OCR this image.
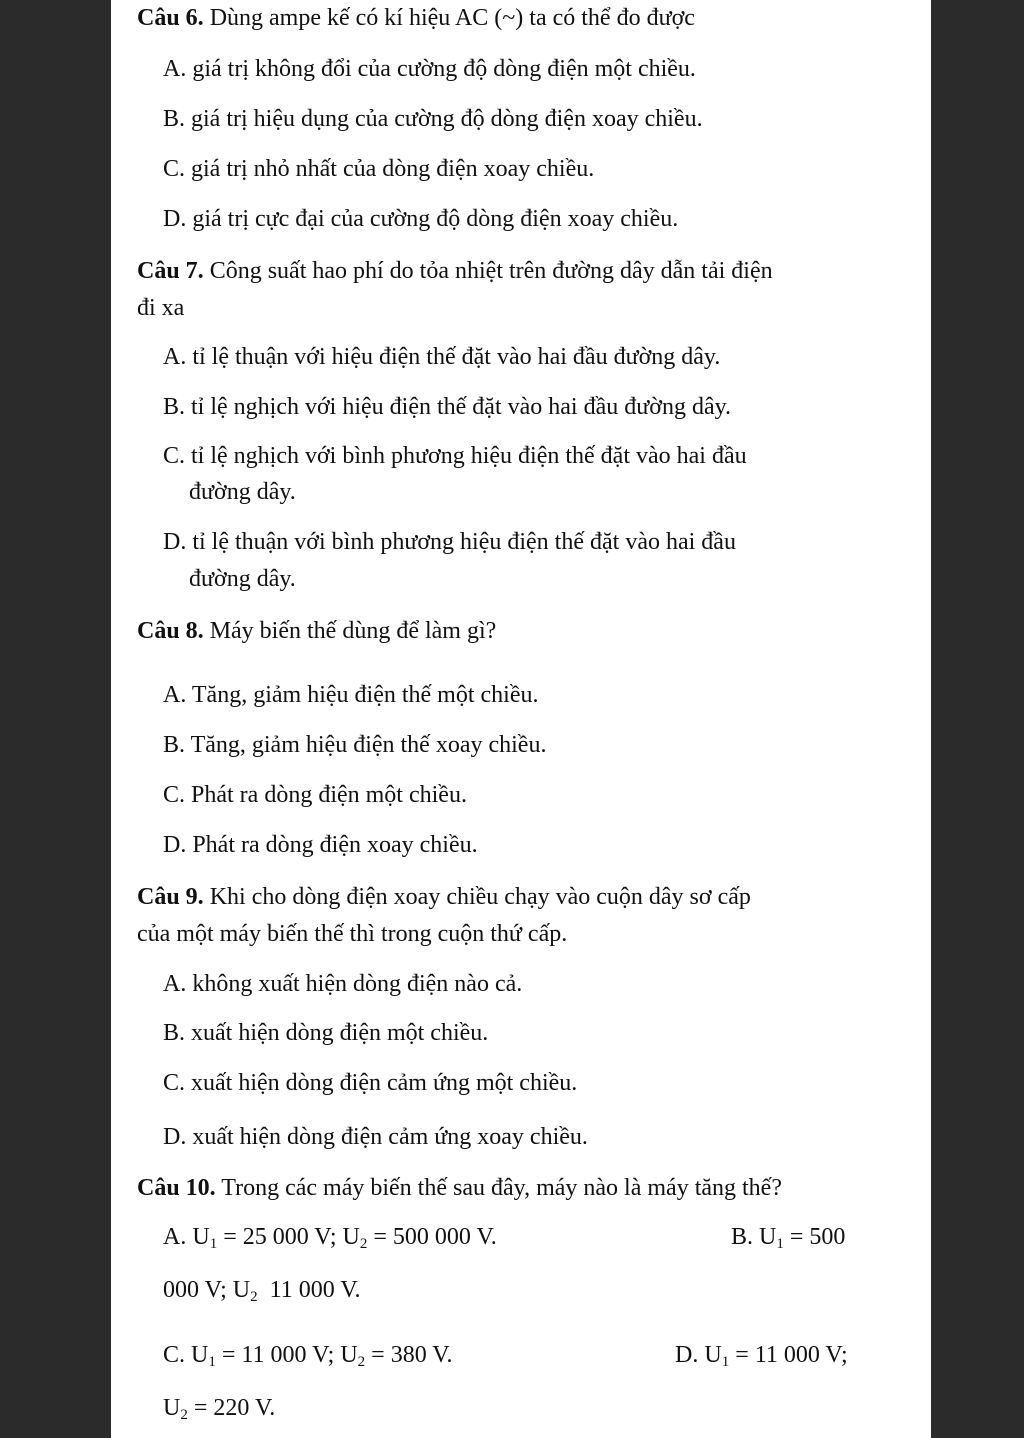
Câu 6. Dùng ampe kế có kí hiệu AC (~) ta có thể đo được
A. giá trị không đổi của cường độ dòng điện một chiều.
B. giá trị hiệu dụng của cường độ dòng điện xoay chiều.
C. giá trị nhỏ nhất của dòng điện xoay chiều.
D. giá trị cực đại của cường độ dòng điện xoay chiều.
Câu 7. Công suất hao phí do tỏa nhiệt trên đường dây dẫn tải điện
đi xa
A. tỉ lệ thuận với hiệu điện thế đặt vào hai đầu đường dây.
B. tỉ lệ nghịch với hiệu điện thế đặt vào hai đầu đường dây.
C. tỉ lệ nghịch với bình phương hiệu điện thế đặt vào hai đầu
đường dây.
D. tỉ lệ thuận với bình phương hiệu điện thế đặt vào hai đầu
đường dây.
Câu 8. Máy biến thế dùng để làm gì?
A. Tăng, giảm hiệu điện thế một chiều.
B. Tăng, giảm hiệu điện thế xoay chiều.
C. Phát ra dòng điện một chiều.
D. Phát ra dòng điện xoay chiều.
Câu 9. Khi cho dòng điện xoay chiều chạy vào cuộn dây sơ cấp
của một máy biến thế thì trong cuộn thứ cấp.
A. không xuất hiện dòng điện nào cả.
B. xuất hiện dòng điện một chiều.
C. xuất hiện dòng điện cảm ứng một chiều.
D. xuất hiện dòng điện cảm ứng xoay chiều.
Câu 10. Trong các máy biến thế sau đây, máy nào là máy tăng thế?
A. $U_1 = 25$ 000 V; $U_2 = 500$ 000 V.	B. $U_1 = 500$
000 V; $U_2$ 11 000 V.
C. $U_1 = 11$ 000 V; $U_2 = 380$ V.	D. $U_1 = 11$ 000 V;
$U_2 = 220$ V.
